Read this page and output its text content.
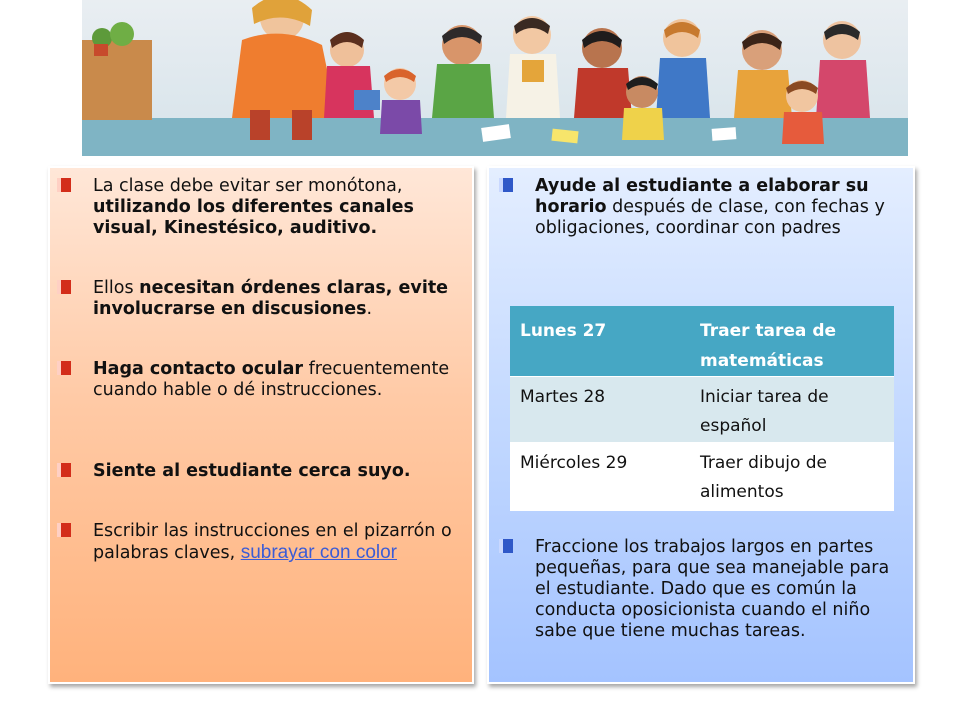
La clase debe evitar ser monótona, utilizando los diferentes canales visual, Kinestésico, auditivo.
Ellos necesitan órdenes claras, evite involucrarse en discusiones.
Haga contacto ocular frecuentemente cuando hable o dé instrucciones.
Siente al estudiante cerca suyo.
Escribir las instrucciones en el pizarrón o palabras claves, subrayar con color
Ayude al estudiante a elaborar su horario después de clase, con fechas y obligaciones, coordinar con padres
Lunes 27	Traer tarea de matemáticas
Martes 28	Iniciar tarea de español
Miércoles 29	Traer dibujo de alimentos
Fraccione los trabajos largos en partes pequeñas, para que sea manejable para el estudiante. Dado que es común la conducta oposicionista cuando el niño sabe que tiene muchas tareas.
